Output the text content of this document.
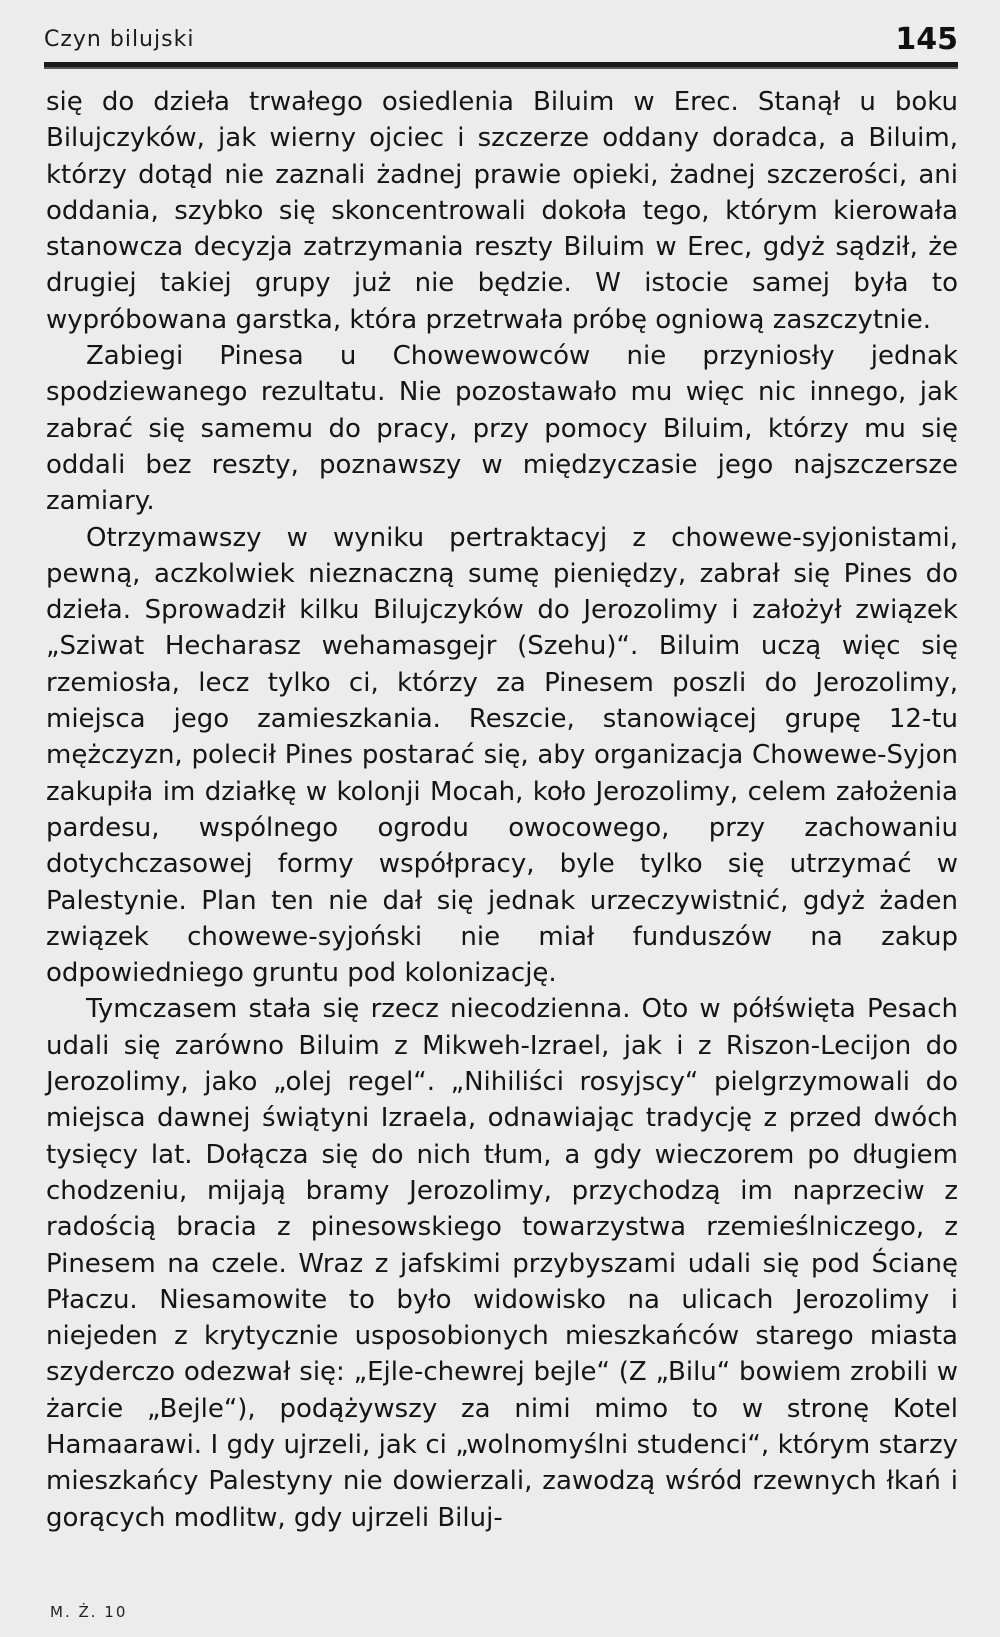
Czyn bilujski	145

się do dzieła trwałego osiedlenia Biluim w Erec. Stanął u boku Bilujczyków, jak wierny ojciec i szczerze oddany doradca, a Biluim, którzy dotąd nie zaznali żadnej prawie opieki, żadnej szczerości, ani oddania, szybko się skoncentrowali dokoła tego, którym kierowała stanowcza decyzja zatrzymania reszty Biluim w Erec, gdyż sądził, że drugiej takiej grupy już nie będzie. W istocie samej była to wypróbowana garstka, która przetrwała próbę ogniową zaszczytnie.

Zabiegi Pinesa u Chowewowców nie przyniosły jednak spodziewanego rezultatu. Nie pozostawało mu więc nic innego, jak zabrać się samemu do pracy, przy pomocy Biluim, którzy mu się oddali bez reszty, poznawszy w międzyczasie jego najszczersze zamiary.

Otrzymawszy w wyniku pertraktacyj z chowewe-syjonistami, pewną, aczkolwiek nieznaczną sumę pieniędzy, zabrał się Pines do dzieła. Sprowadził kilku Bilujczyków do Jerozolimy i założył związek „Sziwat Hecharasz wehamasgejr (Szehu)“. Biluim uczą więc się rzemiosła, lecz tylko ci, którzy za Pinesem poszli do Jerozolimy, miejsca jego zamieszkania. Reszcie, stanowiącej grupę 12-tu mężczyzn, polecił Pines postarać się, aby organizacja Chowewe-Syjon zakupiła im działkę w kolonji Mocah, koło Jerozolimy, celem założenia pardesu, wspólnego ogrodu owocowego, przy zachowaniu dotychczasowej formy współpracy, byle tylko się utrzymać w Palestynie. Plan ten nie dał się jednak urzeczywistnić, gdyż żaden związek chowewe-syjoński nie miał funduszów na zakup odpowiedniego gruntu pod kolonizację.

Tymczasem stała się rzecz niecodzienna. Oto w półświęta Pesach udali się zarówno Biluim z Mikweh-Izrael, jak i z Riszon-Lecijon do Jerozolimy, jako „olej regel“. „Nihiliści rosyjscy“ pielgrzymowali do miejsca dawnej świątyni Izraela, odnawiając tradycję z przed dwóch tysięcy lat. Dołącza się do nich tłum, a gdy wieczorem po długiem chodzeniu, mijają bramy Jerozolimy, przychodzą im naprzeciw z radością bracia z pinesowskiego towarzystwa rzemieślniczego, z Pinesem na czele. Wraz z jafskimi przybyszami udali się pod Ścianę Płaczu. Niesamowite to było widowisko na ulicach Jerozolimy i niejeden z krytycznie usposobionych mieszkańców starego miasta szyderczo odezwał się: „Ejle-chewrej bejle“ (Z „Bilu“ bowiem zrobili w żarcie „Bejle“), podążywszy za nimi mimo to w stronę Kotel Hamaarawi. I gdy ujrzeli, jak ci „wolnomyślni studenci“, którym starzy mieszkańcy Palestyny nie dowierzali, zawodzą wśród rzewnych łkań i gorących modlitw, gdy ujrzeli Biluj-

M. Ż. 10
